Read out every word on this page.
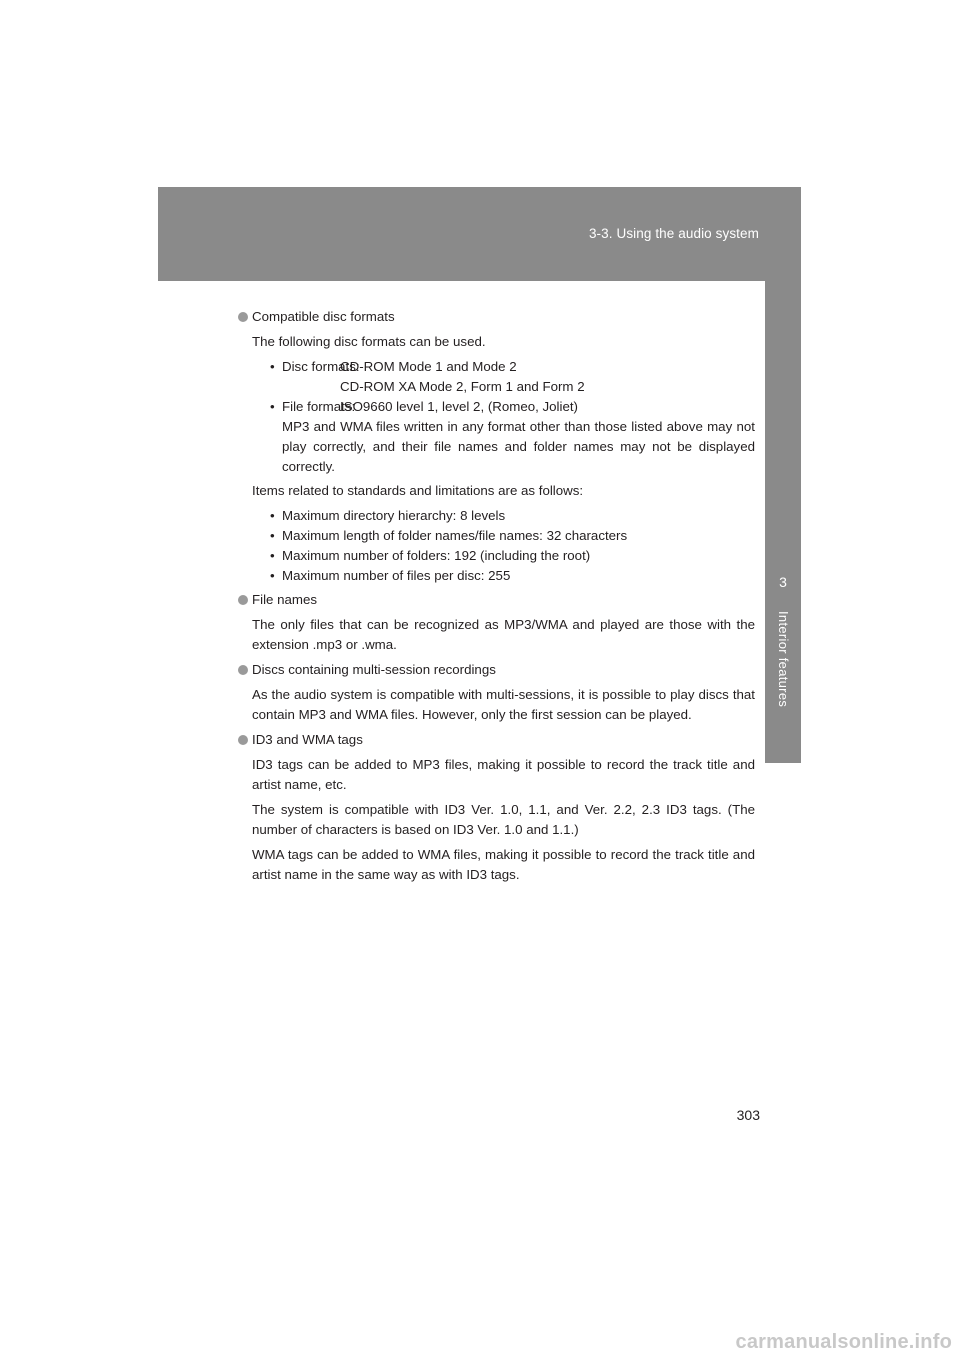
3-3. Using the audio system
3
Interior features
Compatible disc formats

The following disc formats can be used.

• Disc formats:
CD-ROM Mode 1 and Mode 2
CD-ROM XA Mode 2, Form 1 and Form 2
• File formats:
ISO9660 level 1, level 2, (Romeo, Joliet)
MP3 and WMA files written in any format other than those listed above may not play correctly, and their file names and folder names may not be displayed correctly.

Items related to standards and limitations are as follows:

• Maximum directory hierarchy: 8 levels
• Maximum length of folder names/file names: 32 characters
• Maximum number of folders: 192 (including the root)
• Maximum number of files per disc: 255
File names

The only files that can be recognized as MP3/WMA and played are those with the extension .mp3 or .wma.

Discs containing multi-session recordings

As the audio system is compatible with multi-sessions, it is possible to play discs that contain MP3 and WMA files. However, only the first session can be played.

ID3 and WMA tags

ID3 tags can be added to MP3 files, making it possible to record the track title and artist name, etc.

The system is compatible with ID3 Ver. 1.0, 1.1, and Ver. 2.2, 2.3 ID3 tags. (The number of characters is based on ID3 Ver. 1.0 and 1.1.)

WMA tags can be added to WMA files, making it possible to record the track title and artist name in the same way as with ID3 tags.

303
carmanualsonline.info
